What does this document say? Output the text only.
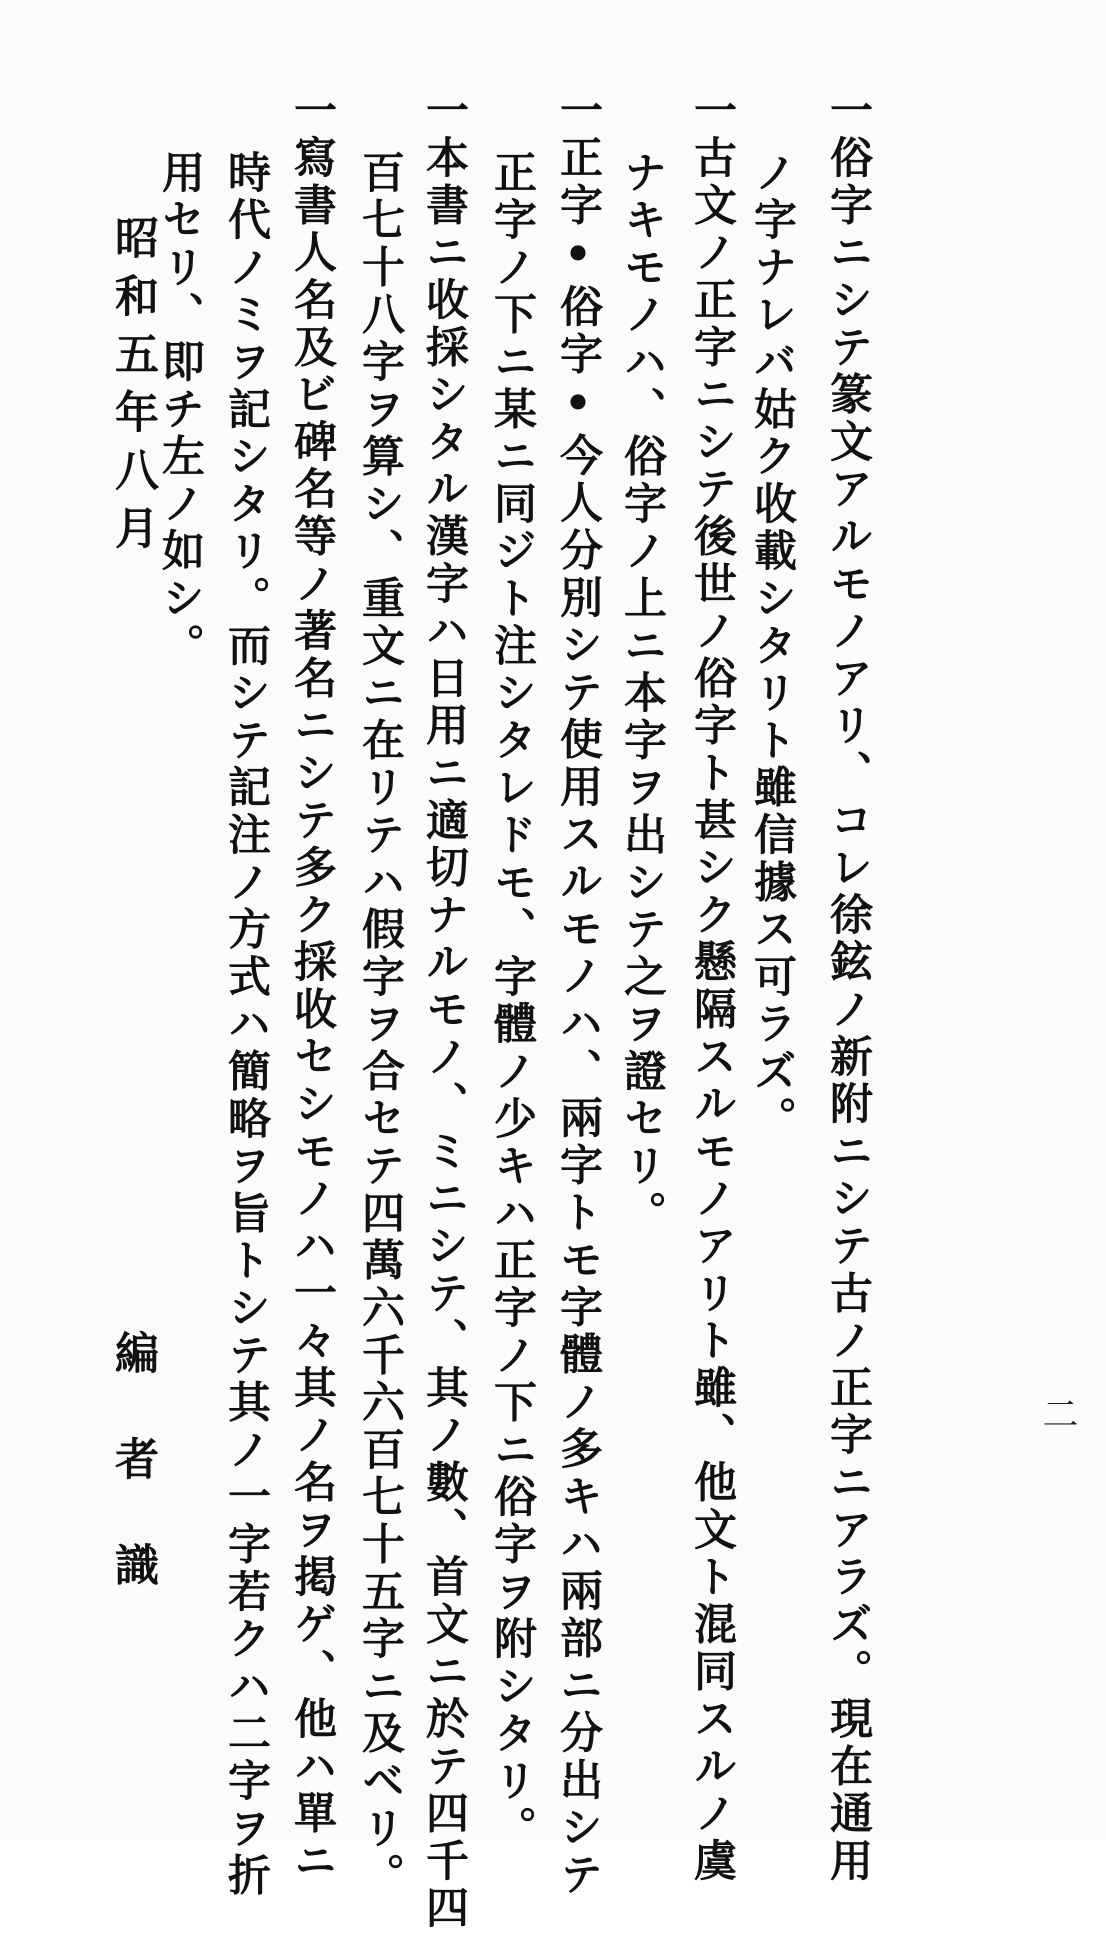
二
一俗字ニシテ篆文アルモノアリ、コレ徐鉉ノ新附ニシテ古ノ正字ニアラズ。現在通用
ノ字ナレバ姑ク收載シタリト雖信據ス可ラズ。
一古文ノ正字ニシテ後世ノ俗字ト甚シク懸隔スルモノアリト雖、他文ト混同スルノ虞
ナキモノハ、俗字ノ上ニ本字ヲ出シテ之ヲ證セリ。
一正字•俗字•今人分別シテ使用スルモノハ、兩字トモ字體ノ多キハ兩部ニ分出シテ
正字ノ下ニ某ニ同ジト注シタレドモ、字體ノ少キハ正字ノ下ニ俗字ヲ附シタリ。
一本書ニ收採シタル漢字ハ日用ニ適切ナルモノ、ミニシテ、其ノ數、首文ニ於テ四千四
百七十八字ヲ算シ、重文ニ在リテハ假字ヲ合セテ四萬六千六百七十五字ニ及ベリ。
一寫書人名及ビ碑名等ノ著名ニシテ多ク採收セシモノハ一々其ノ名ヲ掲ゲ、他ハ單ニ
時代ノミヲ記シタリ。而シテ記注ノ方式ハ簡略ヲ旨トシテ其ノ一字若クハ二字ヲ折
用セリ、即チ左ノ如シ。
昭和五年八月
編者識
